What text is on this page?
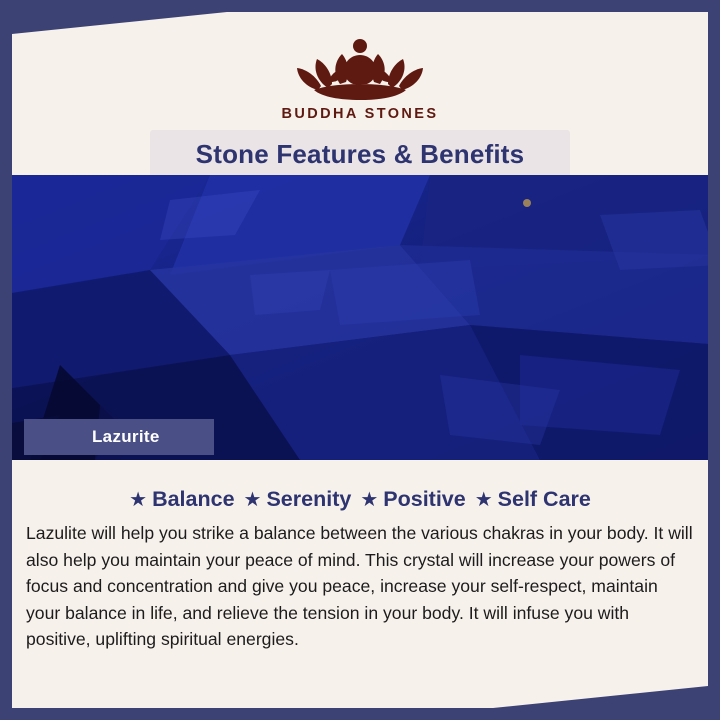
BUDDHA STONES
Stone Features & Benefits
Lazurite
★ Balance ★ Serenity ★ Positive ★ Self Care
Lazulite will help you strike a balance between the various chakras in your body. It will also help you maintain your peace of mind. This crystal will increase your powers of focus and concentration and give you peace, increase your self-respect, maintain your balance in life, and relieve the tension in your body. It will infuse you with positive, uplifting spiritual energies.
